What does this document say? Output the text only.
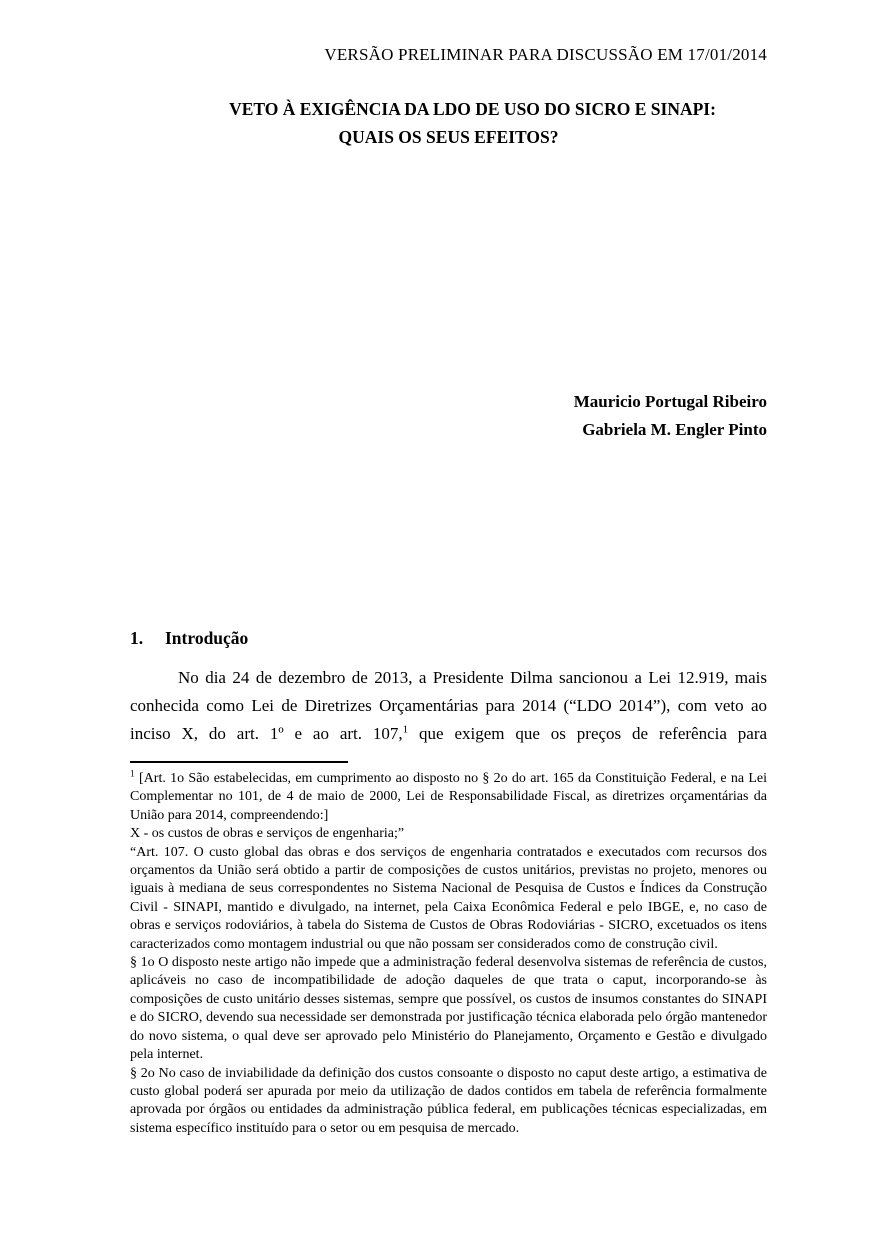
VERSÃO PRELIMINAR PARA DISCUSSÃO EM 17/01/2014
VETO À EXIGÊNCIA DA LDO DE USO DO SICRO E SINAPI:
QUAIS OS SEUS EFEITOS?
Mauricio Portugal Ribeiro
Gabriela M. Engler Pinto
1. Introdução

No dia 24 de dezembro de 2013, a Presidente Dilma sancionou a Lei 12.919, mais conhecida como Lei de Diretrizes Orçamentárias para 2014 (“LDO 2014”), com veto ao inciso X, do art. 1º e ao art. 107,$^1$ que exigem que os preços de referência para

$^1$ [Art. 1o São estabelecidas, em cumprimento ao disposto no § 2o do art. 165 da Constituição Federal, e na Lei Complementar no 101, de 4 de maio de 2000, Lei de Responsabilidade Fiscal, as diretrizes orçamentárias da União para 2014, compreendendo:]

X - os custos de obras e serviços de engenharia;”

“Art. 107. O custo global das obras e dos serviços de engenharia contratados e executados com recursos dos orçamentos da União será obtido a partir de composições de custos unitários, previstas no projeto, menores ou iguais à mediana de seus correspondentes no Sistema Nacional de Pesquisa de Custos e Índices da Construção Civil - SINAPI, mantido e divulgado, na internet, pela Caixa Econômica Federal e pelo IBGE, e, no caso de obras e serviços rodoviários, à tabela do Sistema de Custos de Obras Rodoviárias - SICRO, excetuados os itens caracterizados como montagem industrial ou que não possam ser considerados como de construção civil.

§ 1o O disposto neste artigo não impede que a administração federal desenvolva sistemas de referência de custos, aplicáveis no caso de incompatibilidade de adoção daqueles de que trata o caput, incorporando-se às composições de custo unitário desses sistemas, sempre que possível, os custos de insumos constantes do SINAPI e do SICRO, devendo sua necessidade ser demonstrada por justificação técnica elaborada pelo órgão mantenedor do novo sistema, o qual deve ser aprovado pelo Ministério do Planejamento, Orçamento e Gestão e divulgado pela internet.

§ 2o No caso de inviabilidade da definição dos custos consoante o disposto no caput deste artigo, a estimativa de custo global poderá ser apurada por meio da utilização de dados contidos em tabela de referência formalmente aprovada por órgãos ou entidades da administração pública federal, em publicações técnicas especializadas, em sistema específico instituído para o setor ou em pesquisa de mercado.
